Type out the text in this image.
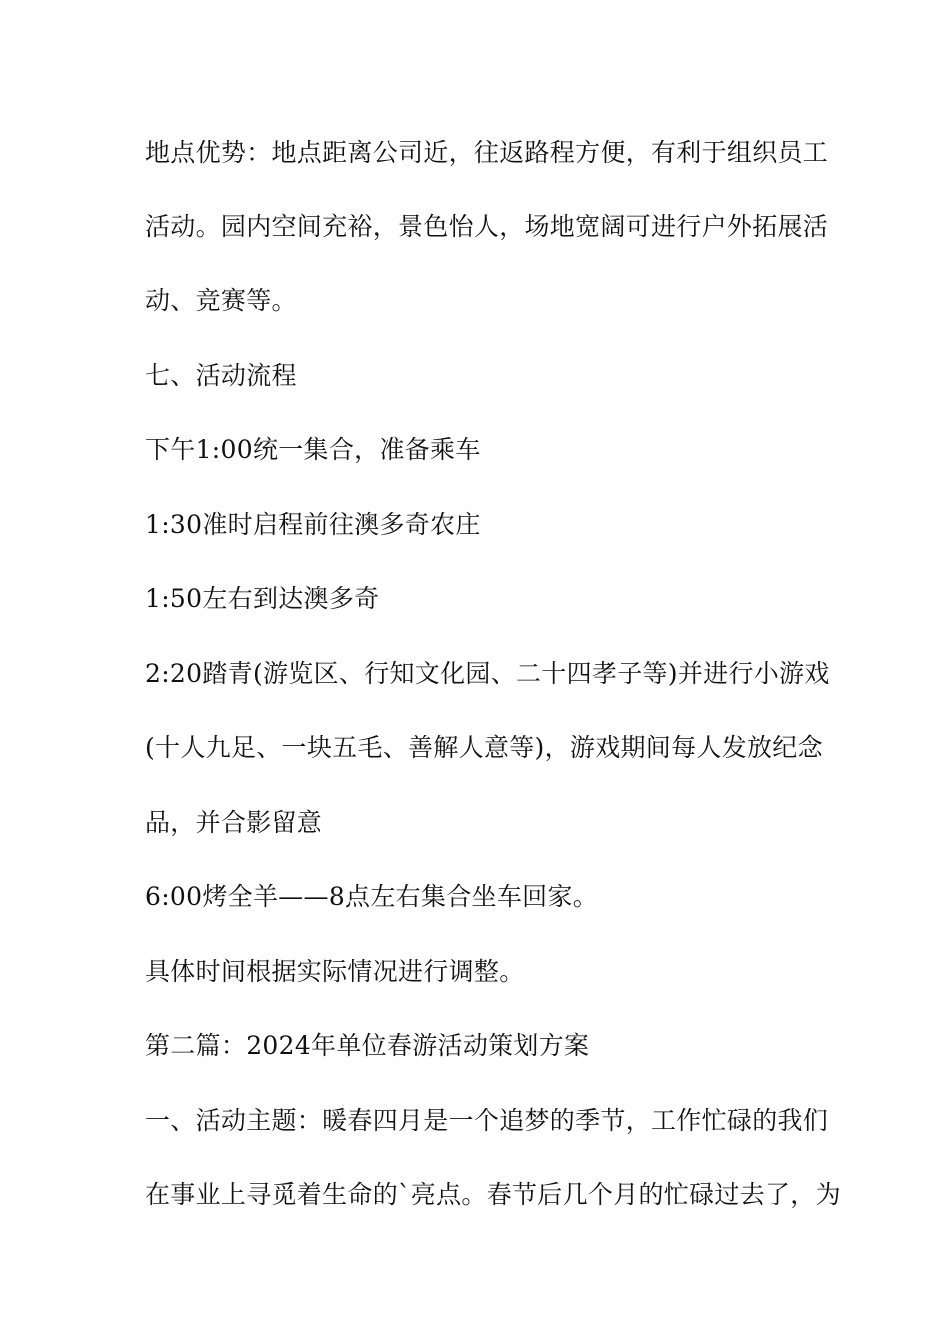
地点优势：地点距离公司近，往返路程方便，有利于组织员工
活动。园内空间充裕，景色怡人，场地宽阔可进行户外拓展活
动、竞赛等。
七、活动流程
下午1:00统一集合，准备乘车
1:30准时启程前往澳多奇农庄
1:50左右到达澳多奇
2:20踏青(游览区、行知文化园、二十四孝子等)并进行小游戏
(十人九足、一块五毛、善解人意等)，游戏期间每人发放纪念
品，并合影留意
6:00烤全羊——8点左右集合坐车回家。
具体时间根据实际情况进行调整。
第二篇：2024年单位春游活动策划方案
一、活动主题：暖春四月是一个追梦的季节，工作忙碌的我们
在事业上寻觅着生命的`亮点。春节后几个月的忙碌过去了，为
